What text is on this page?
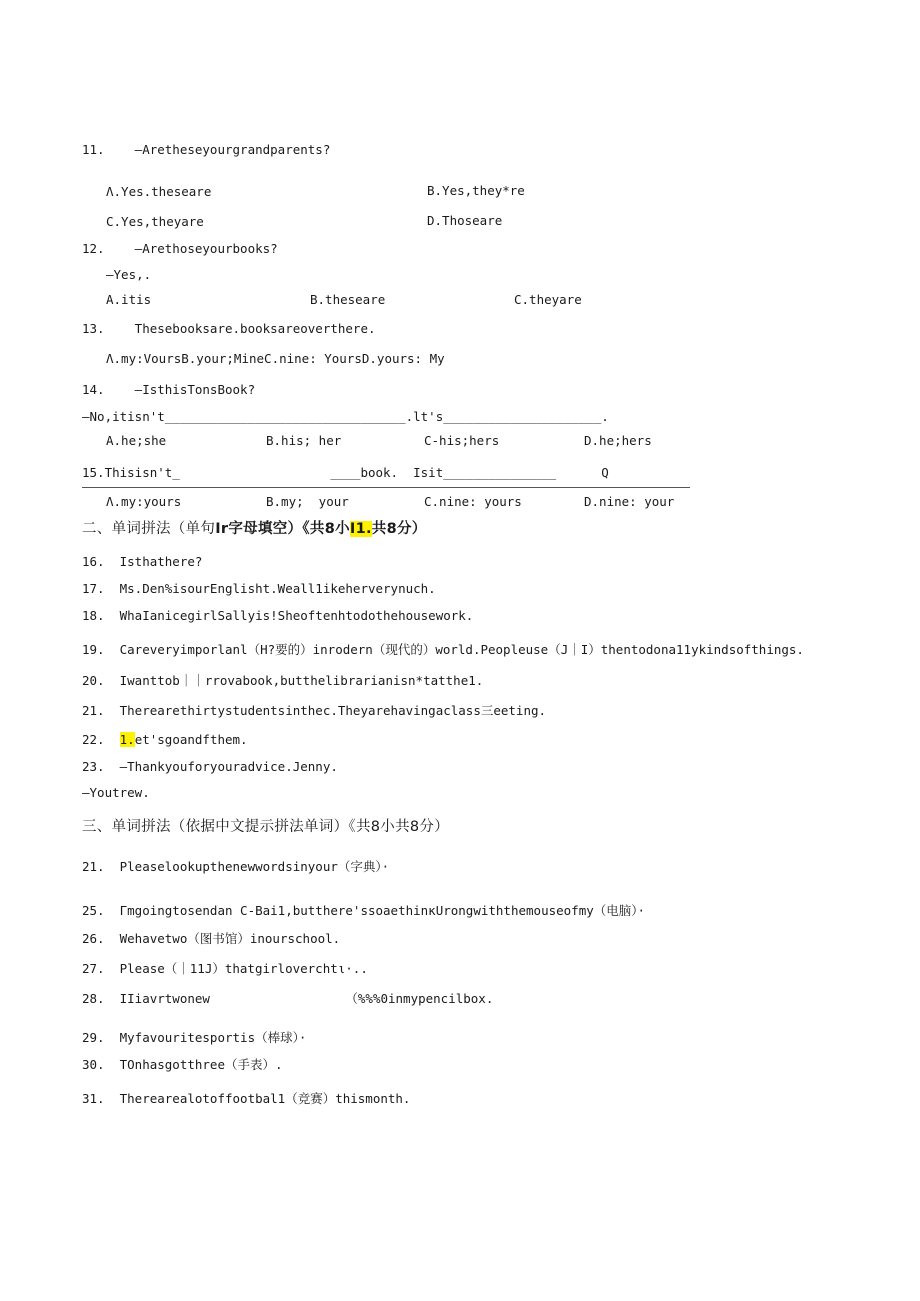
11.    —Aretheseyourgrandparents?
Λ.Yes.theseare	B.Yes,they*re
C.Yes,theyare	D.Thoseare
12.    —Arethoseyourbooks?
—Yes,.
A.itis	B.theseare	C.theyare
13.    Thesebooksare.booksareoverthere.
Λ.my:VoursB.your;MineC.nine: YoursD.yours: My
14.    —IsthisTonsBook?
—No,itisn't________________________________.lt's_____________________.
A.he;she	B.his; her	C-his;hers	D.he;hers
15.Thisisn't_                    ____book.  Isit_______________      Q
Λ.my:yours	B.my;  your	C.nine: yours	D.nine: your
二、单词拼法（单句Ir字母填空）《共8小I1.共8分）
16.  Isthathere?
17.  Ms.Den%isourEnglisht.Weall1ikeherverynuch.
18.  WhaIanicegirlSallyis!Sheoftenhtodothehousework.
19.  Careveryimporlanl（H?要的）inrodern（现代的）world.Peopleuse（J｜I）thentodona11ykindsofthings.
20.  Iwanttob｜｜rrovabook,butthelibrarianisn*tatthe1.
21.  Therearethirtystudentsinthec.Theyarehavingaclass三eeting.
22.  1.et'sgoandfthem.
23.  —Thankyouforyouradvice.Jenny.
—Youtrew.
三、单词拼法（依据中文提示拼法单词）《共8小共8分）
21.  Pleaselookupthenewwordsinyour（字典）·
25.  Γmgoingtosendan C-Bai1,butthere'ssoaethinκUrongwiththemouseofmy（电脑）·
26.  Wehavetwo（图书馆）inourschool.
27.  Please（｜11J）thatgirloverchtι·..
28.  IIiavrtwonew                  （%%%0inmypencilbox.
29.  Myfavouritesportis（棒球）·
30.  TOnhasgotthree（手表）.
31.  Therearealotoffootbal1（竞赛）thismonth.
